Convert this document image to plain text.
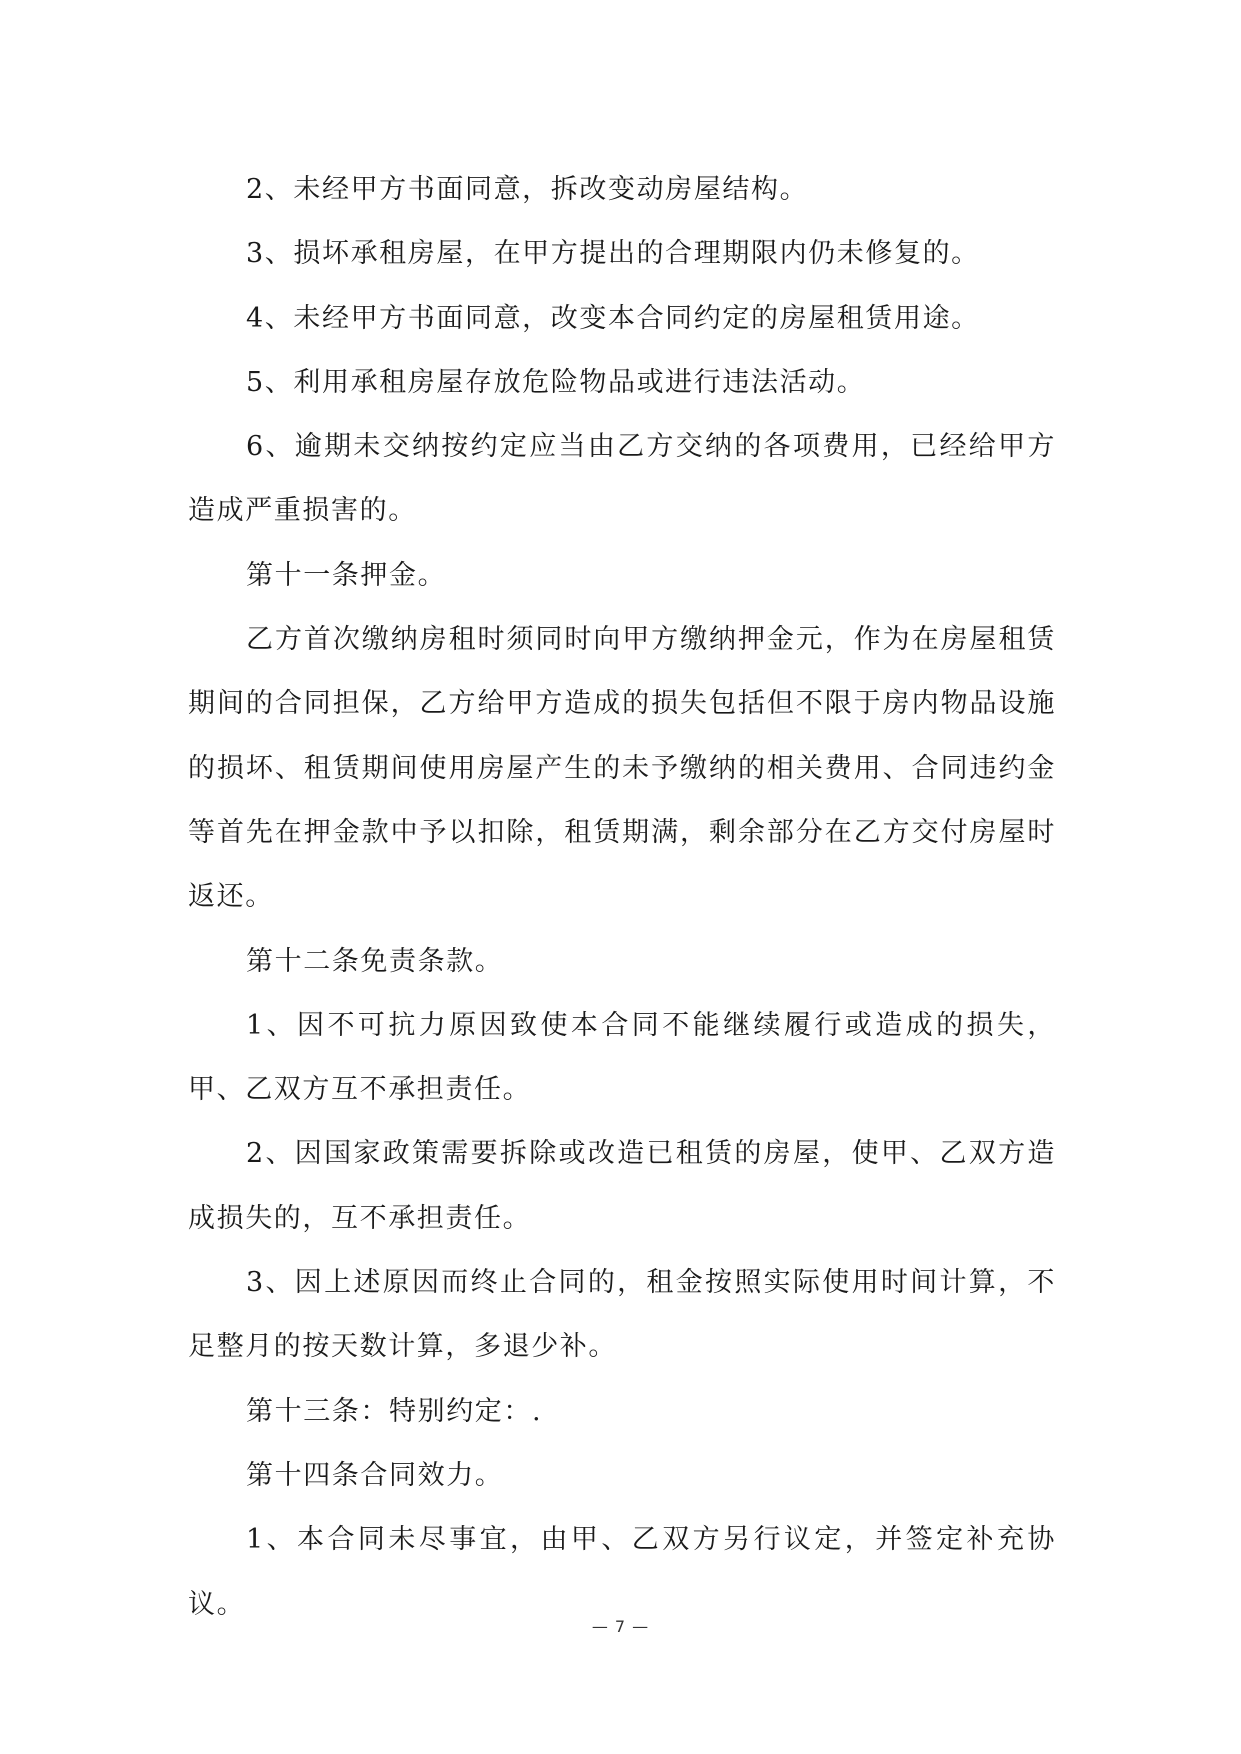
2、未经甲方书面同意，拆改变动房屋结构。

3、损坏承租房屋，在甲方提出的合理期限内仍未修复的。

4、未经甲方书面同意，改变本合同约定的房屋租赁用途。

5、利用承租房屋存放危险物品或进行违法活动。

6、逾期未交纳按约定应当由乙方交纳的各项费用，已经给甲方造成严重损害的。

第十一条押金。

乙方首次缴纳房租时须同时向甲方缴纳押金元，作为在房屋租赁期间的合同担保，乙方给甲方造成的损失包括但不限于房内物品设施的损坏、租赁期间使用房屋产生的未予缴纳的相关费用、合同违约金等首先在押金款中予以扣除，租赁期满，剩余部分在乙方交付房屋时返还。

第十二条免责条款。

1、因不可抗力原因致使本合同不能继续履行或造成的损失，甲、乙双方互不承担责任。

2、因国家政策需要拆除或改造已租赁的房屋，使甲、乙双方造成损失的，互不承担责任。

3、因上述原因而终止合同的，租金按照实际使用时间计算，不足整月的按天数计算，多退少补。

第十三条：特别约定：.

第十四条合同效力。

1、本合同未尽事宜，由甲、乙双方另行议定，并签定补充协议。

— 7 —
